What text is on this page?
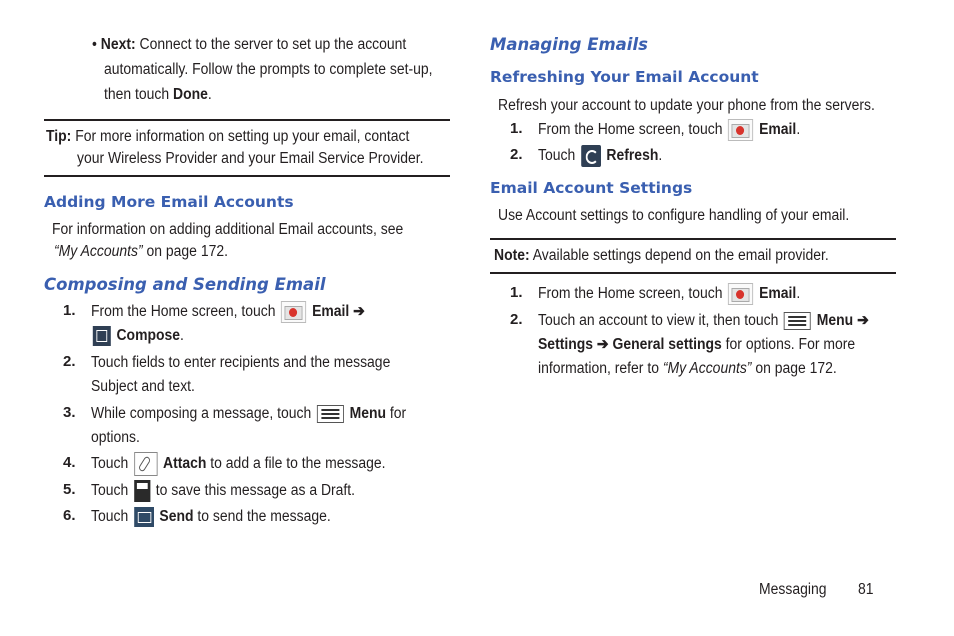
• Next: Connect to the server to set up the account
automatically. Follow the prompts to complete set-up,
then touch Done.
Tip: For more information on setting up your email, contact
your Wireless Provider and your Email Service Provider.
Adding More Email Accounts
For information on adding additional Email accounts, see
“My Accounts” on page 172.
Composing and Sending Email
1. From the Home screen, touch Email ➔
Compose.
2. Touch fields to enter recipients and the message
Subject and text.
3. While composing a message, touch Menu for
options.
4. Touch Attach to add a file to the message.
5. Touch  to save this message as a Draft.
6. Touch Send to send the message.
Managing Emails
Refreshing Your Email Account
Refresh your account to update your phone from the servers.
1. From the Home screen, touch Email.
2. Touch Refresh.
Email Account Settings
Use Account settings to configure handling of your email.
Note: Available settings depend on the email provider.
1. From the Home screen, touch Email.
2. Touch an account to view it, then touch Menu ➔
Settings ➔ General settings for options. For more
information, refer to “My Accounts” on page 172.
Messaging 81
